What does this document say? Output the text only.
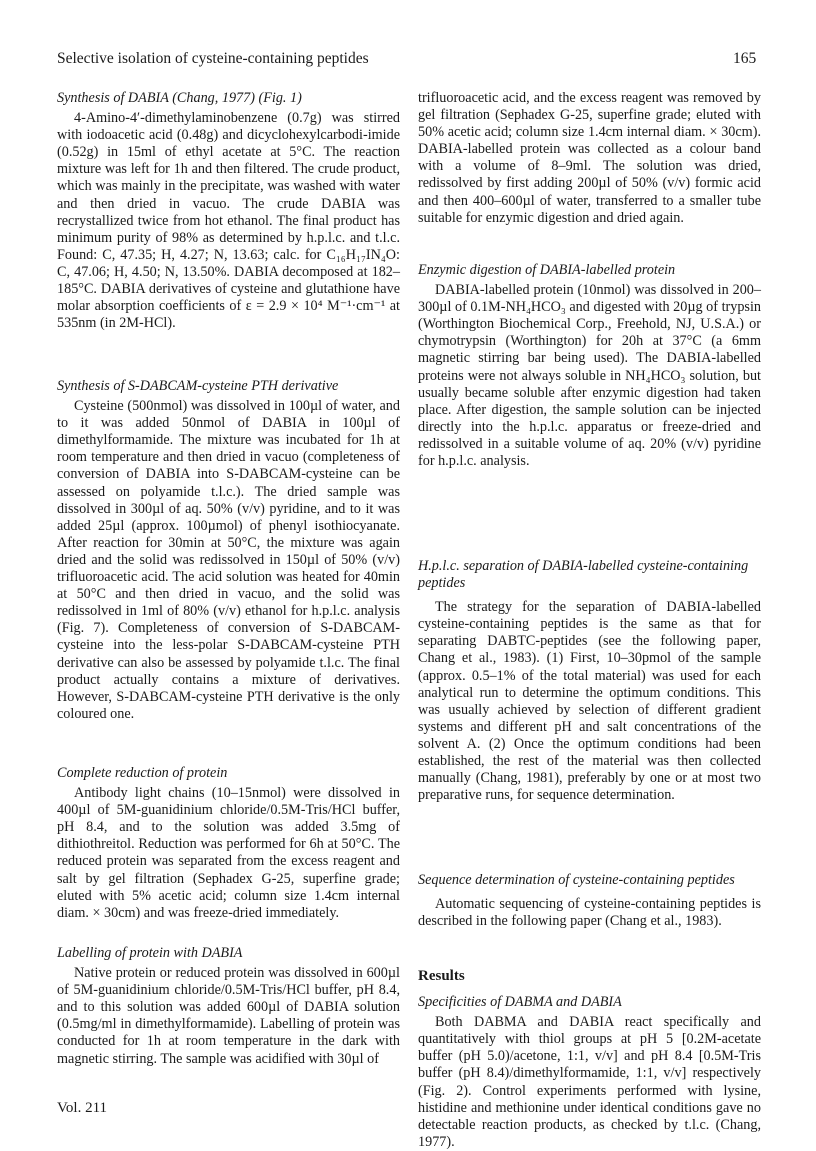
Selective isolation of cysteine-containing peptides	165

Synthesis of DABIA (Chang, 1977) (Fig. 1)

4-Amino-4′-dimethylaminobenzene (0.7g) was stirred with iodoacetic acid (0.48g) and dicyclohexylcarbodi-imide (0.52g) in 15ml of ethyl acetate at 5°C. The reaction mixture was left for 1h and then filtered. The crude product, which was mainly in the precipitate, was washed with water and then dried in vacuo. The crude DABIA was recrystallized twice from hot ethanol. The final product has minimum purity of 98% as determined by h.p.l.c. and t.l.c. Found: C, 47.35; H, 4.27; N, 13.63; calc. for C₁₆H₁₇IN₄O: C, 47.06; H, 4.50; N, 13.50%. DABIA decomposed at 182–185°C. DABIA derivatives of cysteine and glutathione have molar absorption coefficients of ε = 2.9 × 10⁴ M⁻¹·cm⁻¹ at 535nm (in 2M-HCl).

Synthesis of S-DABCAM-cysteine PTH derivative

Cysteine (500nmol) was dissolved in 100µl of water, and to it was added 50nmol of DABIA in 100µl of dimethylformamide. The mixture was incubated for 1h at room temperature and then dried in vacuo (completeness of conversion of DABIA into S-DABCAM-cysteine can be assessed on polyamide t.l.c.). The dried sample was dissolved in 300µl of aq. 50% (v/v) pyridine, and to it was added 25µl (approx. 100µmol) of phenyl isothiocyanate. After reaction for 30min at 50°C, the mixture was again dried and the solid was redissolved in 150µl of 50% (v/v) trifluoroacetic acid. The acid solution was heated for 40min at 50°C and then dried in vacuo, and the solid was redissolved in 1ml of 80% (v/v) ethanol for h.p.l.c. analysis (Fig. 7). Completeness of conversion of S-DABCAM-cysteine into the less-polar S-DABCAM-cysteine PTH derivative can also be assessed by polyamide t.l.c. The final product actually contains a mixture of derivatives. However, S-DABCAM-cysteine PTH derivative is the only coloured one.

Complete reduction of protein

Antibody light chains (10–15nmol) were dissolved in 400µl of 5M-guanidinium chloride/0.5M-Tris/HCl buffer, pH 8.4, and to the solution was added 3.5mg of dithiothreitol. Reduction was performed for 6h at 50°C. The reduced protein was separated from the excess reagent and salt by gel filtration (Sephadex G-25, superfine grade; eluted with 5% acetic acid; column size 1.4cm internal diam. × 30cm) and was freeze-dried immediately.

Labelling of protein with DABIA

Native protein or reduced protein was dissolved in 600µl of 5M-guanidinium chloride/0.5M-Tris/HCl buffer, pH 8.4, and to this solution was added 600µl of DABIA solution (0.5mg/ml in dimethylformamide). Labelling of protein was conducted for 1h at room temperature in the dark with magnetic stirring. The sample was acidified with 30µl of

trifluoroacetic acid, and the excess reagent was removed by gel filtration (Sephadex G-25, superfine grade; eluted with 50% acetic acid; column size 1.4cm internal diam. × 30cm). DABIA-labelled protein was collected as a colour band with a volume of 8–9ml. The solution was dried, redissolved by first adding 200µl of 50% (v/v) formic acid and then 400–600µl of water, transferred to a smaller tube suitable for enzymic digestion and dried again.

Enzymic digestion of DABIA-labelled protein

DABIA-labelled protein (10nmol) was dissolved in 200–300µl of 0.1M-NH₄HCO₃ and digested with 20µg of trypsin (Worthington Biochemical Corp., Freehold, NJ, U.S.A.) or chymotrypsin (Worthington) for 20h at 37°C (a 6mm magnetic stirring bar being used). The DABIA-labelled proteins were not always soluble in NH₄HCO₃ solution, but usually became soluble after enzymic digestion had taken place. After digestion, the sample solution can be injected directly into the h.p.l.c. apparatus or freeze-dried and redissolved in a suitable volume of aq. 20% (v/v) pyridine for h.p.l.c. analysis.

H.p.l.c. separation of DABIA-labelled cysteine-containing peptides

The strategy for the separation of DABIA-labelled cysteine-containing peptides is the same as that for separating DABTC-peptides (see the following paper, Chang et al., 1983). (1) First, 10–30pmol of the sample (approx. 0.5–1% of the total material) was used for each analytical run to determine the optimum conditions. This was usually achieved by selection of different gradient systems and different pH and salt concentrations of the solvent A. (2) Once the optimum conditions had been established, the rest of the material was then collected manually (Chang, 1981), preferably by one or at most two preparative runs, for sequence determination.

Sequence determination of cysteine-containing peptides

Automatic sequencing of cysteine-containing peptides is described in the following paper (Chang et al., 1983).

Results

Specificities of DABMA and DABIA

Both DABMA and DABIA react specifically and quantitatively with thiol groups at pH 5 [0.2M-acetate buffer (pH 5.0)/acetone, 1:1, v/v] and pH 8.4 [0.5M-Tris buffer (pH 8.4)/dimethylformamide, 1:1, v/v] respectively (Fig. 2). Control experiments performed with lysine, histidine and methionine under identical conditions gave no detectable reaction products, as checked by t.l.c. (Chang, 1977).

Vol. 211
